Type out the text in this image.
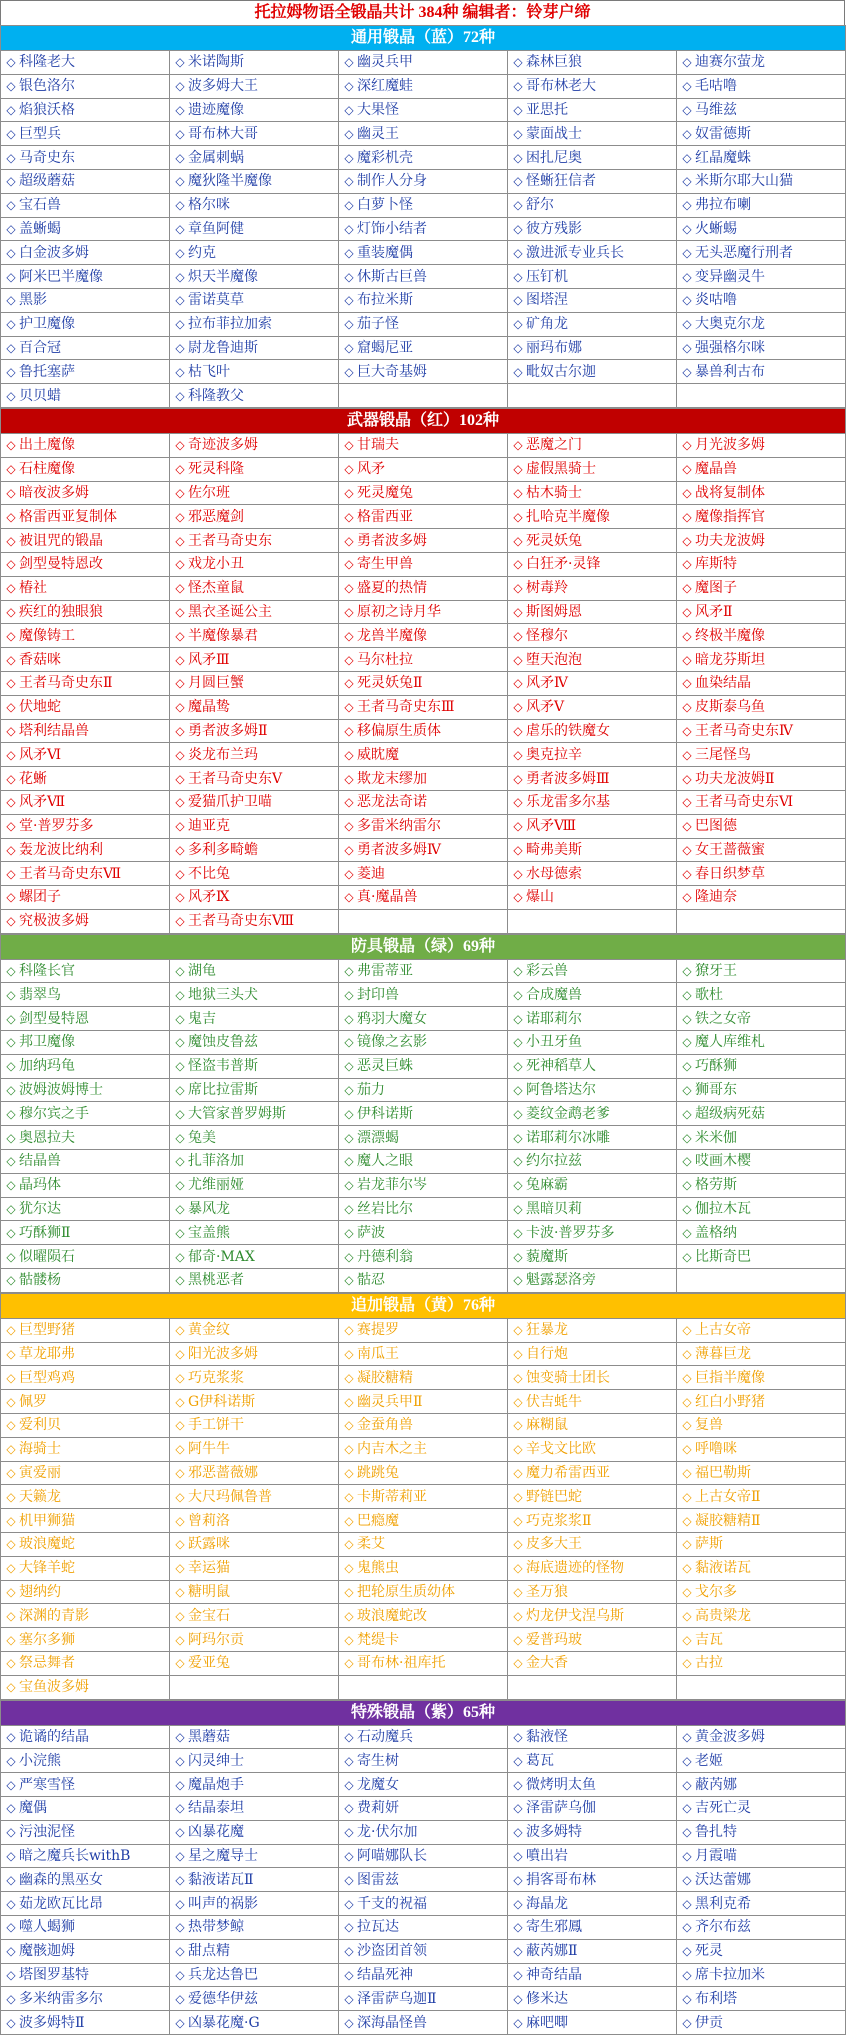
托拉姆物语全锻晶共计 384种 编辑者：铃芽户缔
通用锻晶（蓝）72种				
◇ 科隆老大	◇ 米诺陶斯	◇ 幽灵兵甲	◇ 森林巨狼	◇ 迪赛尔萤龙
◇ 银色洛尔	◇ 波多姆大王	◇ 深红魔蛙	◇ 哥布林老大	◇ 毛咕噜
◇ 焰狼沃格	◇ 遗迹魔像	◇ 大果怪	◇ 亚思托	◇ 马维兹
◇ 巨型兵	◇ 哥布林大哥	◇ 幽灵王	◇ 蒙面战士	◇ 奴雷德斯
◇ 马奇史东	◇ 金属刺蜗	◇ 魔彩机壳	◇ 困扎尼奥	◇ 红晶魔蛛
◇ 超级蘑菇	◇ 魔狄隆半魔像	◇ 制作人分身	◇ 怪蜥狂信者	◇ 米斯尔耶大山猫
◇ 宝石兽	◇ 格尔咪	◇ 白萝卜怪	◇ 舒尔	◇ 弗拉布喇
◇ 盖蜥蝎	◇ 章鱼阿健	◇ 灯饰小结者	◇ 彼方残影	◇ 火蜥蜴
◇ 白金波多姆	◇ 约克	◇ 重装魔偶	◇ 激进派专业兵长	◇ 无头恶魔行刑者
◇ 阿米巴半魔像	◇ 炽天半魔像	◇ 休斯古巨兽	◇ 压钉机	◇ 变异幽灵牛
◇ 黑影	◇ 雷诺莫草	◇ 布拉米斯	◇ 图塔涅	◇ 炎咕噜
◇ 护卫魔像	◇ 拉布菲拉加索	◇ 茄子怪	◇ 矿角龙	◇ 大奥克尔龙
◇ 百合冠	◇ 尉龙鲁迪斯	◇ 窟蝎尼亚	◇ 丽玛布娜	◇ 强强格尔咪
◇ 鲁托塞萨	◇ 枯飞叶	◇ 巨大奇基姆	◇ 毗奴古尔迦	◇ 暴兽利古布
◇ 贝贝蜡	◇ 科隆教父			
武器锻晶（红）102种				
◇ 出土魔像	◇ 奇迹波多姆	◇ 甘瑞夫	◇ 恶魔之门	◇ 月光波多姆
◇ 石柱魔像	◇ 死灵科隆	◇ 风矛	◇ 虚假黑骑士	◇ 魔晶兽
◇ 暗夜波多姆	◇ 佐尔班	◇ 死灵魔兔	◇ 枯木骑士	◇ 战将复制体
◇ 格雷西亚复制体	◇ 邪恶魔剑	◇ 格雷西亚	◇ 扎哈克半魔像	◇ 魔像指挥官
◇ 被诅咒的锻晶	◇ 王者马奇史东	◇ 勇者波多姆	◇ 死灵妖兔	◇ 功夫龙波姆
◇ 剑型曼特恩改	◇ 戏龙小丑	◇ 寄生甲兽	◇ 白狂矛·灵锋	◇ 库斯特
◇ 椿社	◇ 怪杰童鼠	◇ 盛夏的热情	◇ 树毒羚	◇ 魔图子
◇ 疾红的独眼狼	◇ 黑衣圣诞公主	◇ 原初之诗月华	◇ 斯图姆恩	◇ 风矛Ⅱ
◇ 魔像铸工	◇ 半魔像暴君	◇ 龙兽半魔像	◇ 怪穆尔	◇ 终极半魔像
◇ 香菇咪	◇ 风矛Ⅲ	◇ 马尔杜拉	◇ 堕天泡泡	◇ 暗龙芬斯坦
◇ 王者马奇史东Ⅱ	◇ 月圆巨蟹	◇ 死灵妖兔Ⅱ	◇ 风矛Ⅳ	◇ 血染结晶
◇ 伏地蛇	◇ 魔晶鸷	◇ 王者马奇史东Ⅲ	◇ 风矛Ⅴ	◇ 皮斯泰乌鱼
◇ 塔利结晶兽	◇ 勇者波多姆Ⅱ	◇ 移偏原生质体	◇ 虐乐的铁魔女	◇ 王者马奇史东Ⅳ
◇ 风矛Ⅵ	◇ 炎龙布兰玛	◇ 威眈魔	◇ 奥克拉辛	◇ 三尾怪鸟
◇ 花蜥	◇ 王者马奇史东Ⅴ	◇ 欺龙末缪加	◇ 勇者波多姆Ⅲ	◇ 功夫龙波姆Ⅱ
◇ 风矛Ⅶ	◇ 爱猫爪护卫喵	◇ 恶龙法奇诺	◇ 乐龙雷多尔基	◇ 王者马奇史东Ⅵ
◇ 堂·普罗芬多	◇ 迪亚克	◇ 多雷米纳雷尔	◇ 风矛Ⅷ	◇ 巴图德
◇ 轰龙波比纳利	◇ 多利多畸蟾	◇ 勇者波多姆Ⅳ	◇ 畸弗美斯	◇ 女王蔷薇蜜
◇ 王者马奇史东Ⅶ	◇ 不比兔	◇ 菱迪	◇ 水母德索	◇ 春日织梦草
◇ 螺团子	◇ 风矛Ⅸ	◇ 真·魔晶兽	◇ 爆山	◇ 隆迪奈
◇ 究极波多姆	◇ 王者马奇史东Ⅷ			
防具锻晶（绿）69种				
◇ 科隆长官	◇ 湖龟	◇ 弗雷蒂亚	◇ 彩云兽	◇ 獠牙王
◇ 翡翠鸟	◇ 地狱三头犬	◇ 封印兽	◇ 合成魔兽	◇ 歌杜
◇ 剑型曼特恩	◇ 鬼吉	◇ 鸦羽大魔女	◇ 诺耶莉尔	◇ 铁之女帝
◇ 邦卫魔像	◇ 魔蚀皮鲁兹	◇ 镜像之玄影	◇ 小丑牙鱼	◇ 魔人库维札
◇ 加纳玛龟	◇ 怪盗韦普斯	◇ 恶灵巨蛛	◇ 死神稻草人	◇ 巧酥狮
◇ 波姆波姆博士	◇ 席比拉雷斯	◇ 茄力	◇ 阿鲁塔达尔	◇ 狮哥东
◇ 穆尔宾之手	◇ 大管家普罗姆斯	◇ 伊科诺斯	◇ 菱纹金鹉老爹	◇ 超级病死菇
◇ 奥恩拉夫	◇ 兔美	◇ 漂漂蝎	◇ 诺耶莉尔冰雕	◇ 米米伽
◇ 结晶兽	◇ 扎菲洛加	◇ 魔人之眼	◇ 约尔拉兹	◇ 哎画木樱
◇ 晶玛体	◇ 尤维丽娅	◇ 岩龙菲尔岑	◇ 兔麻霸	◇ 格劳斯
◇ 犹尔达	◇ 暴风龙	◇ 丝岩比尔	◇ 黑暗贝莉	◇ 伽拉木瓦
◇ 巧酥狮Ⅱ	◇ 宝盖熊	◇ 萨波	◇ 卡波·普罗芬多	◇ 盖格纳
◇ 似曜陨石	◇ 郁奇·MAX	◇ 丹德利翁	◇ 藐魔斯	◇ 比斯奇巴
◇ 骷髅杨	◇ 黑桃恶者	◇ 骷忍	◇ 魁露瑟洛旁	
追加锻晶（黄）76种				
◇ 巨型野猪	◇ 黄金纹	◇ 赛提罗	◇ 狂暴龙	◇ 上古女帝
◇ 草龙耶弗	◇ 阳光波多姆	◇ 南瓜王	◇ 自行炮	◇ 薄暮巨龙
◇ 巨型鸡鸡	◇ 巧克浆浆	◇ 凝胶糖精	◇ 蚀变骑士团长	◇ 巨指半魔像
◇ 佩罗	◇ G伊科诺斯	◇ 幽灵兵甲Ⅱ	◇ 伏吉蚝牛	◇ 红白小野猪
◇ 爱利贝	◇ 手工饼干	◇ 金蚕角兽	◇ 麻糊鼠	◇ 复兽
◇ 海骑士	◇ 阿牛牛	◇ 内吉木之主	◇ 辛戈文比欧	◇ 呼噜咪
◇ 寅爱丽	◇ 邪恶蔷薇娜	◇ 跳跳兔	◇ 魔力希雷西亚	◇ 福巴勒斯
◇ 天籁龙	◇ 大尺玛佩鲁普	◇ 卡斯蒂莉亚	◇ 野链巴蛇	◇ 上古女帝Ⅱ
◇ 机甲狮猫	◇ 曾莉洛	◇ 巴瘾魔	◇ 巧克浆浆Ⅱ	◇ 凝胶糖精Ⅱ
◇ 玻浪魔蛇	◇ 跃露咪	◇ 柔艾	◇ 皮多大王	◇ 萨斯
◇ 大锋羊蛇	◇ 幸运猫	◇ 鬼熊虫	◇ 海底遗迹的怪物	◇ 黏液诺瓦
◇ 翅纳约	◇ 糖明鼠	◇ 把轮原生质幼体	◇ 圣万狼	◇ 戈尔多
◇ 深渊的青影	◇ 金宝石	◇ 玻浪魔蛇改	◇ 灼龙伊戈涅乌斯	◇ 高贵梁龙
◇ 塞尔多狮	◇ 阿玛尔贡	◇ 梵缇卡	◇ 爱普玛玻	◇ 吉瓦
◇ 祭忌舞者	◇ 爱亚兔	◇ 哥布林·祖库托	◇ 金大香	◇ 古拉
◇ 宝鱼波多姆				
特殊锻晶（紫）65种				
◇ 诡谲的结晶	◇ 黑蘑菇	◇ 石动魔兵	◇ 黏液怪	◇ 黄金波多姆
◇ 小浣熊	◇ 闪灵绅士	◇ 寄生树	◇ 葛瓦	◇ 老姬
◇ 严寒雪怪	◇ 魔晶炮手	◇ 龙魔女	◇ 微烤明太鱼	◇ 蔽芮娜
◇ 魔偶	◇ 结晶泰坦	◇ 费莉妍	◇ 泽雷萨乌伽	◇ 吉死亡灵
◇ 污浊泥怪	◇ 凶暴花魔	◇ 龙·伏尔加	◇ 波多姆特	◇ 鲁扎特
◇ 暗之魔兵长withB	◇ 星之魔导士	◇ 阿喵娜队长	◇ 噴出岩	◇ 月霞喵
◇ 幽森的黑巫女	◇ 黏液诺瓦Ⅱ	◇ 图雷兹	◇ 捐客哥布林	◇ 沃达蕾娜
◇ 茹龙欧瓦比昂	◇ 叫声的祸影	◇ 千支的祝福	◇ 海晶龙	◇ 黑利克希
◇ 噬人蝎狮	◇ 热带梦鲸	◇ 拉瓦达	◇ 寄生邪鳳	◇ 齐尔布兹
◇ 魔骸迦姆	◇ 甜点精	◇ 沙盗团首领	◇ 蔽芮娜Ⅱ	◇ 死灵
◇ 塔图罗基特	◇ 兵龙达鲁巴	◇ 结晶死神	◇ 神奇结晶	◇ 席卡拉加米
◇ 多米纳雷多尔	◇ 爱德华伊兹	◇ 泽雷萨乌迦Ⅱ	◇ 修米达	◇ 布利塔
◇ 波多姆特Ⅱ	◇ 凶暴花魔·G	◇ 深海晶怪兽	◇ 麻吧唧	◇ 伊贡
